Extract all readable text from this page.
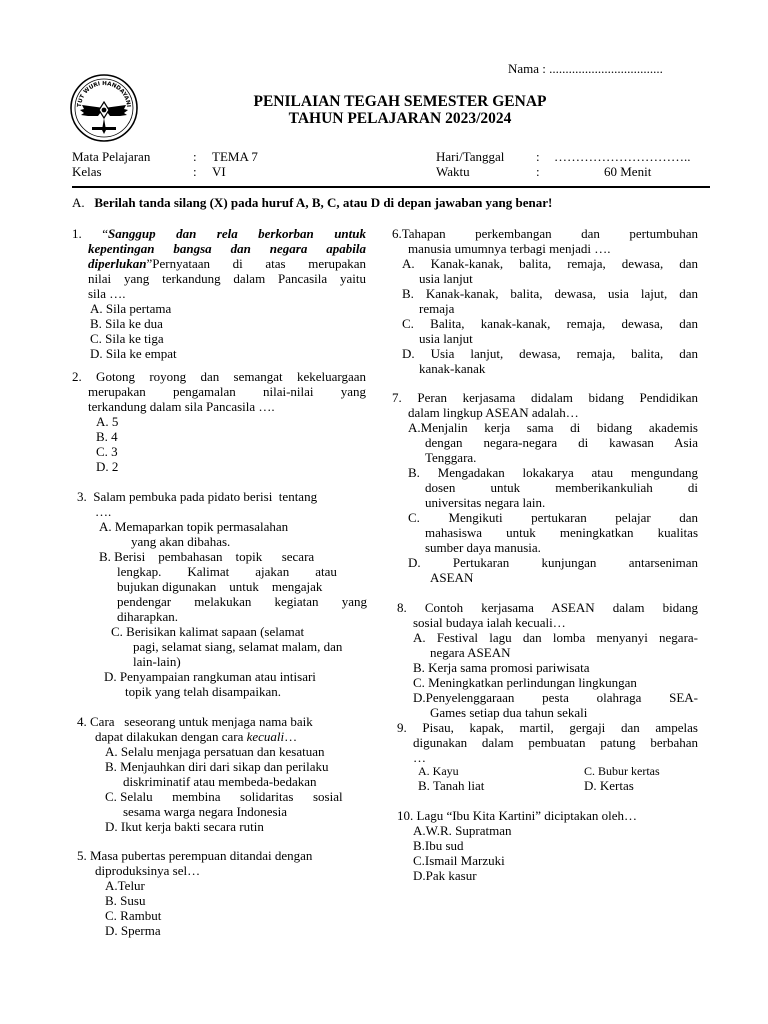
Nama : ...................................
TUT WURI HANDAYANI	PENILAIAN TEGAH SEMESTER GENAP
TAHUN PELAJARAN 2023/2024
Mata Pelajaran	: TEMA 7
Kelas	: VI
Hari/Tanggal : …………………………..
Waktu	:	60 Menit
A. Berilah tanda silang (X) pada huruf A, B, C, atau D di depan jawaban yang benar!

1. “Sanggup dan rela berkorban untuk

kepentingan bangsa dan negara apabila

diperlukan”Pernyataan di atas merupakan

nilai yang terkandung dalam Pancasila yaitu

sila ….

A. Sila pertama

B. Sila ke dua

C. Sila ke tiga

D. Sila ke empat

2. Gotong royong dan semangat kekeluargaan

merupakan pengamalan nilai-nilai yang

terkandung dalam sila Pancasila ….

A. 5

B. 4

C. 3

D. 2

3.  Salam pembuka pada pidato berisi  tentang

….

A. Memaparkan topik permasalahan

yang akan dibahas.

B. Berisi    pembahasan    topik      secara

lengkap.        Kalimat        ajakan        atau

bujukan digunakan    untuk    mengajak

pendengar melakukan kegiatan yang

diharapkan.

C. Berisikan kalimat sapaan (selamat

pagi, selamat siang, selamat malam, dan

lain-lain)

D. Penyampaian rangkuman atau intisari

topik yang telah disampaikan.

4. Cara   seseorang untuk menjaga nama baik

dapat dilakukan dengan cara kecuali…

A. Selalu menjaga persatuan dan kesatuan

B. Menjauhkan diri dari sikap dan perilaku

diskriminatif atau membeda-bedakan

C. Selalu      membina      solidaritas      sosial

sesama warga negara Indonesia

D. Ikut kerja bakti secara rutin

5. Masa pubertas perempuan ditandai dengan

diproduksinya sel…

A.Telur

B. Susu

C. Rambut

D. Sperma

6.Tahapan perkembangan dan pertumbuhan

manusia umumnya terbagi menjadi ….

A. Kanak-kanak, balita, remaja, dewasa, dan

usia lanjut

B. Kanak-kanak, balita, dewasa, usia lajut, dan

remaja

C. Balita, kanak-kanak, remaja, dewasa, dan

usia lanjut

D. Usia lanjut, dewasa, remaja, balita, dan

kanak-kanak

7. Peran kerjasama didalam bidang Pendidikan

dalam lingkup ASEAN adalah…

A.Menjalin kerja sama di bidang akademis

dengan negara-negara di kawasan Asia

Tenggara.

B. Mengadakan lokakarya atau mengundang

dosen untuk memberikankuliah di

universitas negara lain.

C. Mengikuti pertukaran pelajar dan

mahasiswa untuk meningkatkan kualitas

sumber daya manusia.

D. Pertukaran kunjungan antarseniman

ASEAN

8. Contoh kerjasama ASEAN dalam bidang

sosial budaya ialah kecuali…

A. Festival lagu dan lomba menyanyi negara-

negara ASEAN

B. Kerja sama promosi pariwisata

C. Meningkatkan perlindungan lingkungan

D.Penyelenggaraan pesta olahraga SEA-

Games setiap dua tahun sekali

9. Pisau, kapak, martil, gergaji dan ampelas

digunakan dalam pembuatan patung berbahan

…

A. Kayu
B. Tanah liat
C. Bubur kertas
D. Kertas

10. Lagu “Ibu Kita Kartini” diciptakan oleh…

A.W.R. Supratman

B.Ibu sud

C.Ismail Marzuki

D.Pak kasur
